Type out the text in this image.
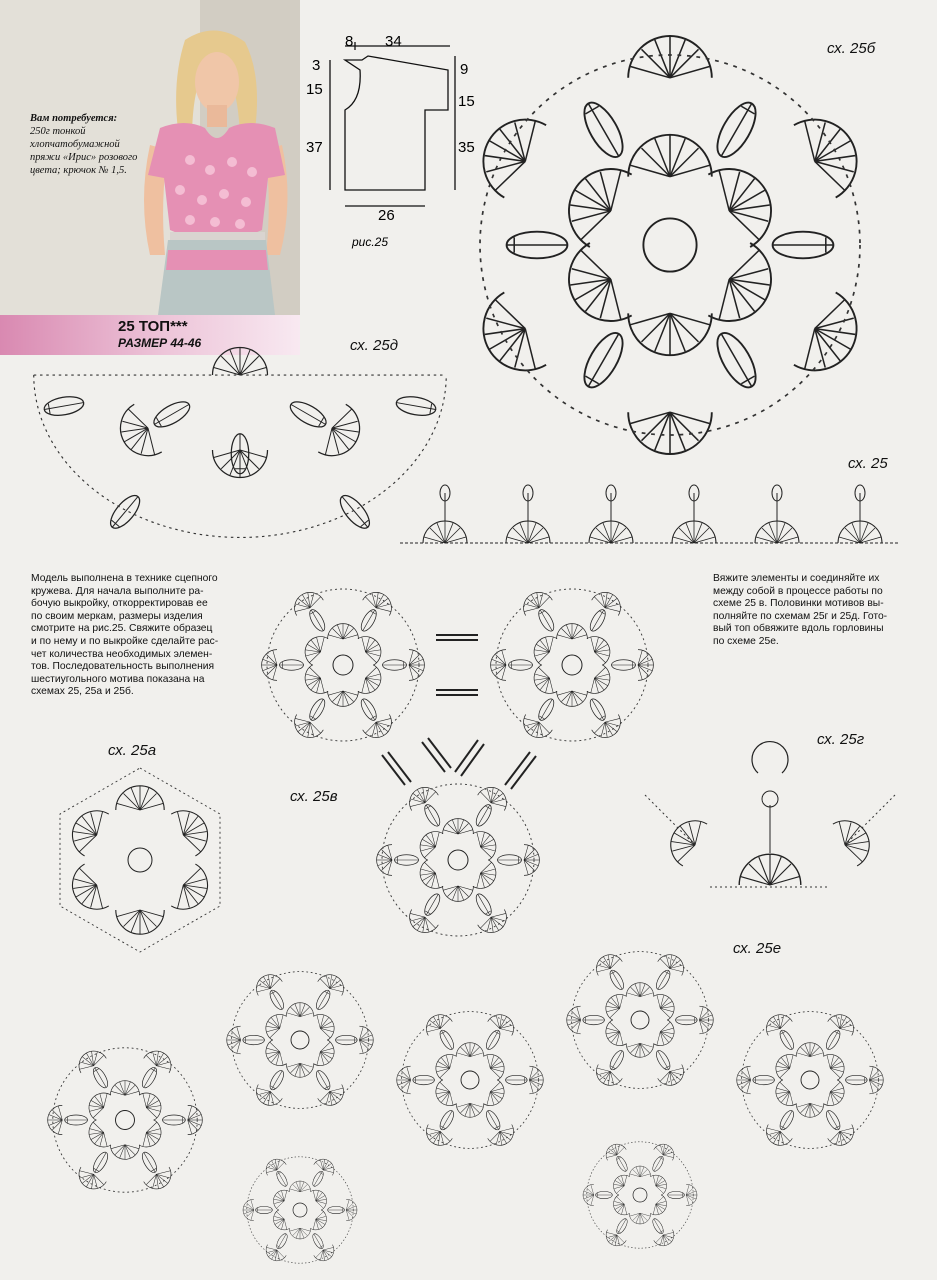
Вам потребуется:
250г тонкой хлопчатобумажной пряжи «Ирис» розового цвета; крючок № 1,5.
25 ТОП***
РАЗМЕР 44-46
8 34
3
15
37
9
15
35
26
рис.25
сх. 25б
сх. 25д
сх. 25
сх. 25а
сх. 25в
сх. 25г
сх. 25е
Модель выполнена в технике сцепного
кружева. Для начала выполните ра-
бочую выкройку, откорректировав ее
по своим меркам, размеры изделия
смотрите на рис.25. Свяжите образец
и по нему и по выкройке сделайте рас-
чет количества необходимых элемен-
тов. Последовательность выполнения
шестиугольного мотива показана на
схемах 25, 25а и 25б.
Вяжите элементы и соединяйте их
между собой в процессе работы по
схеме 25 в. Половинки мотивов вы-
полняйте по схемам 25г и 25д. Гото-
вый топ обвяжите вдоль горловины
по схеме 25е.
